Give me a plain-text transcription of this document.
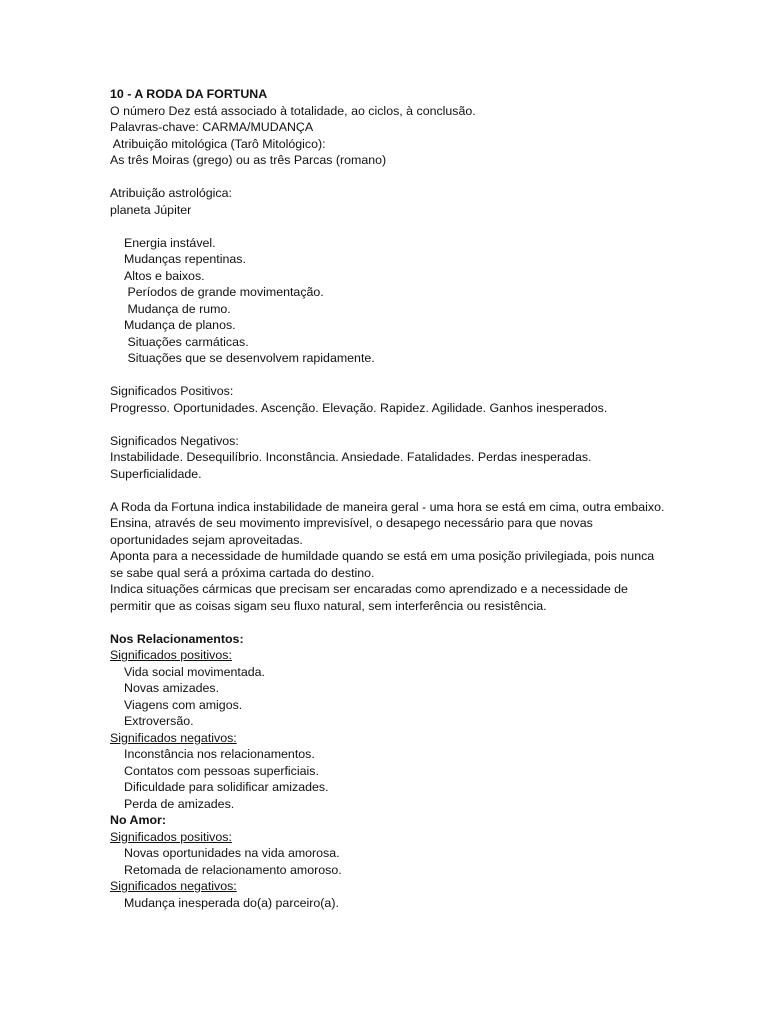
10 - A RODA DA FORTUNA
O número Dez está associado à totalidade, ao ciclos, à conclusão.
Palavras-chave: CARMA/MUDANÇA
Atribuição mitológica (Tarô Mitológico):
As três Moiras (grego) ou as três Parcas (romano)
Atribuição astrológica:
planeta Júpiter
Energia instável.
Mudanças repentinas.
Altos e baixos.
Períodos de grande movimentação.
Mudança de rumo.
Mudança de planos.
Situações carmáticas.
Situações que se desenvolvem rapidamente.
Significados Positivos:
Progresso. Oportunidades. Ascenção. Elevação. Rapidez. Agilidade. Ganhos inesperados.
Significados Negativos:
Instabilidade. Desequilíbrio. Inconstância. Ansiedade. Fatalidades. Perdas inesperadas. Superficialidade.
A Roda da Fortuna indica instabilidade de maneira geral - uma hora se está em cima, outra embaixo.
Ensina, através de seu movimento imprevisível, o desapego necessário para que novas oportunidades sejam aproveitadas.
Aponta para a necessidade de humildade quando se está em uma posição privilegiada, pois nunca se sabe qual será a próxima cartada do destino.
Indica situações cármicas que precisam ser encaradas como aprendizado e a necessidade de permitir que as coisas sigam seu fluxo natural, sem interferência ou resistência.
Nos Relacionamentos:
Significados positivos:
Vida social movimentada.
Novas amizades.
Viagens com amigos.
Extroversão.
Significados negativos:
Inconstância nos relacionamentos.
Contatos com pessoas superficiais.
Dificuldade para solidificar amizades.
Perda de amizades.
No Amor:
Significados positivos:
Novas oportunidades na vida amorosa.
Retomada de relacionamento amoroso.
Significados negativos:
Mudança inesperada do(a) parceiro(a).
